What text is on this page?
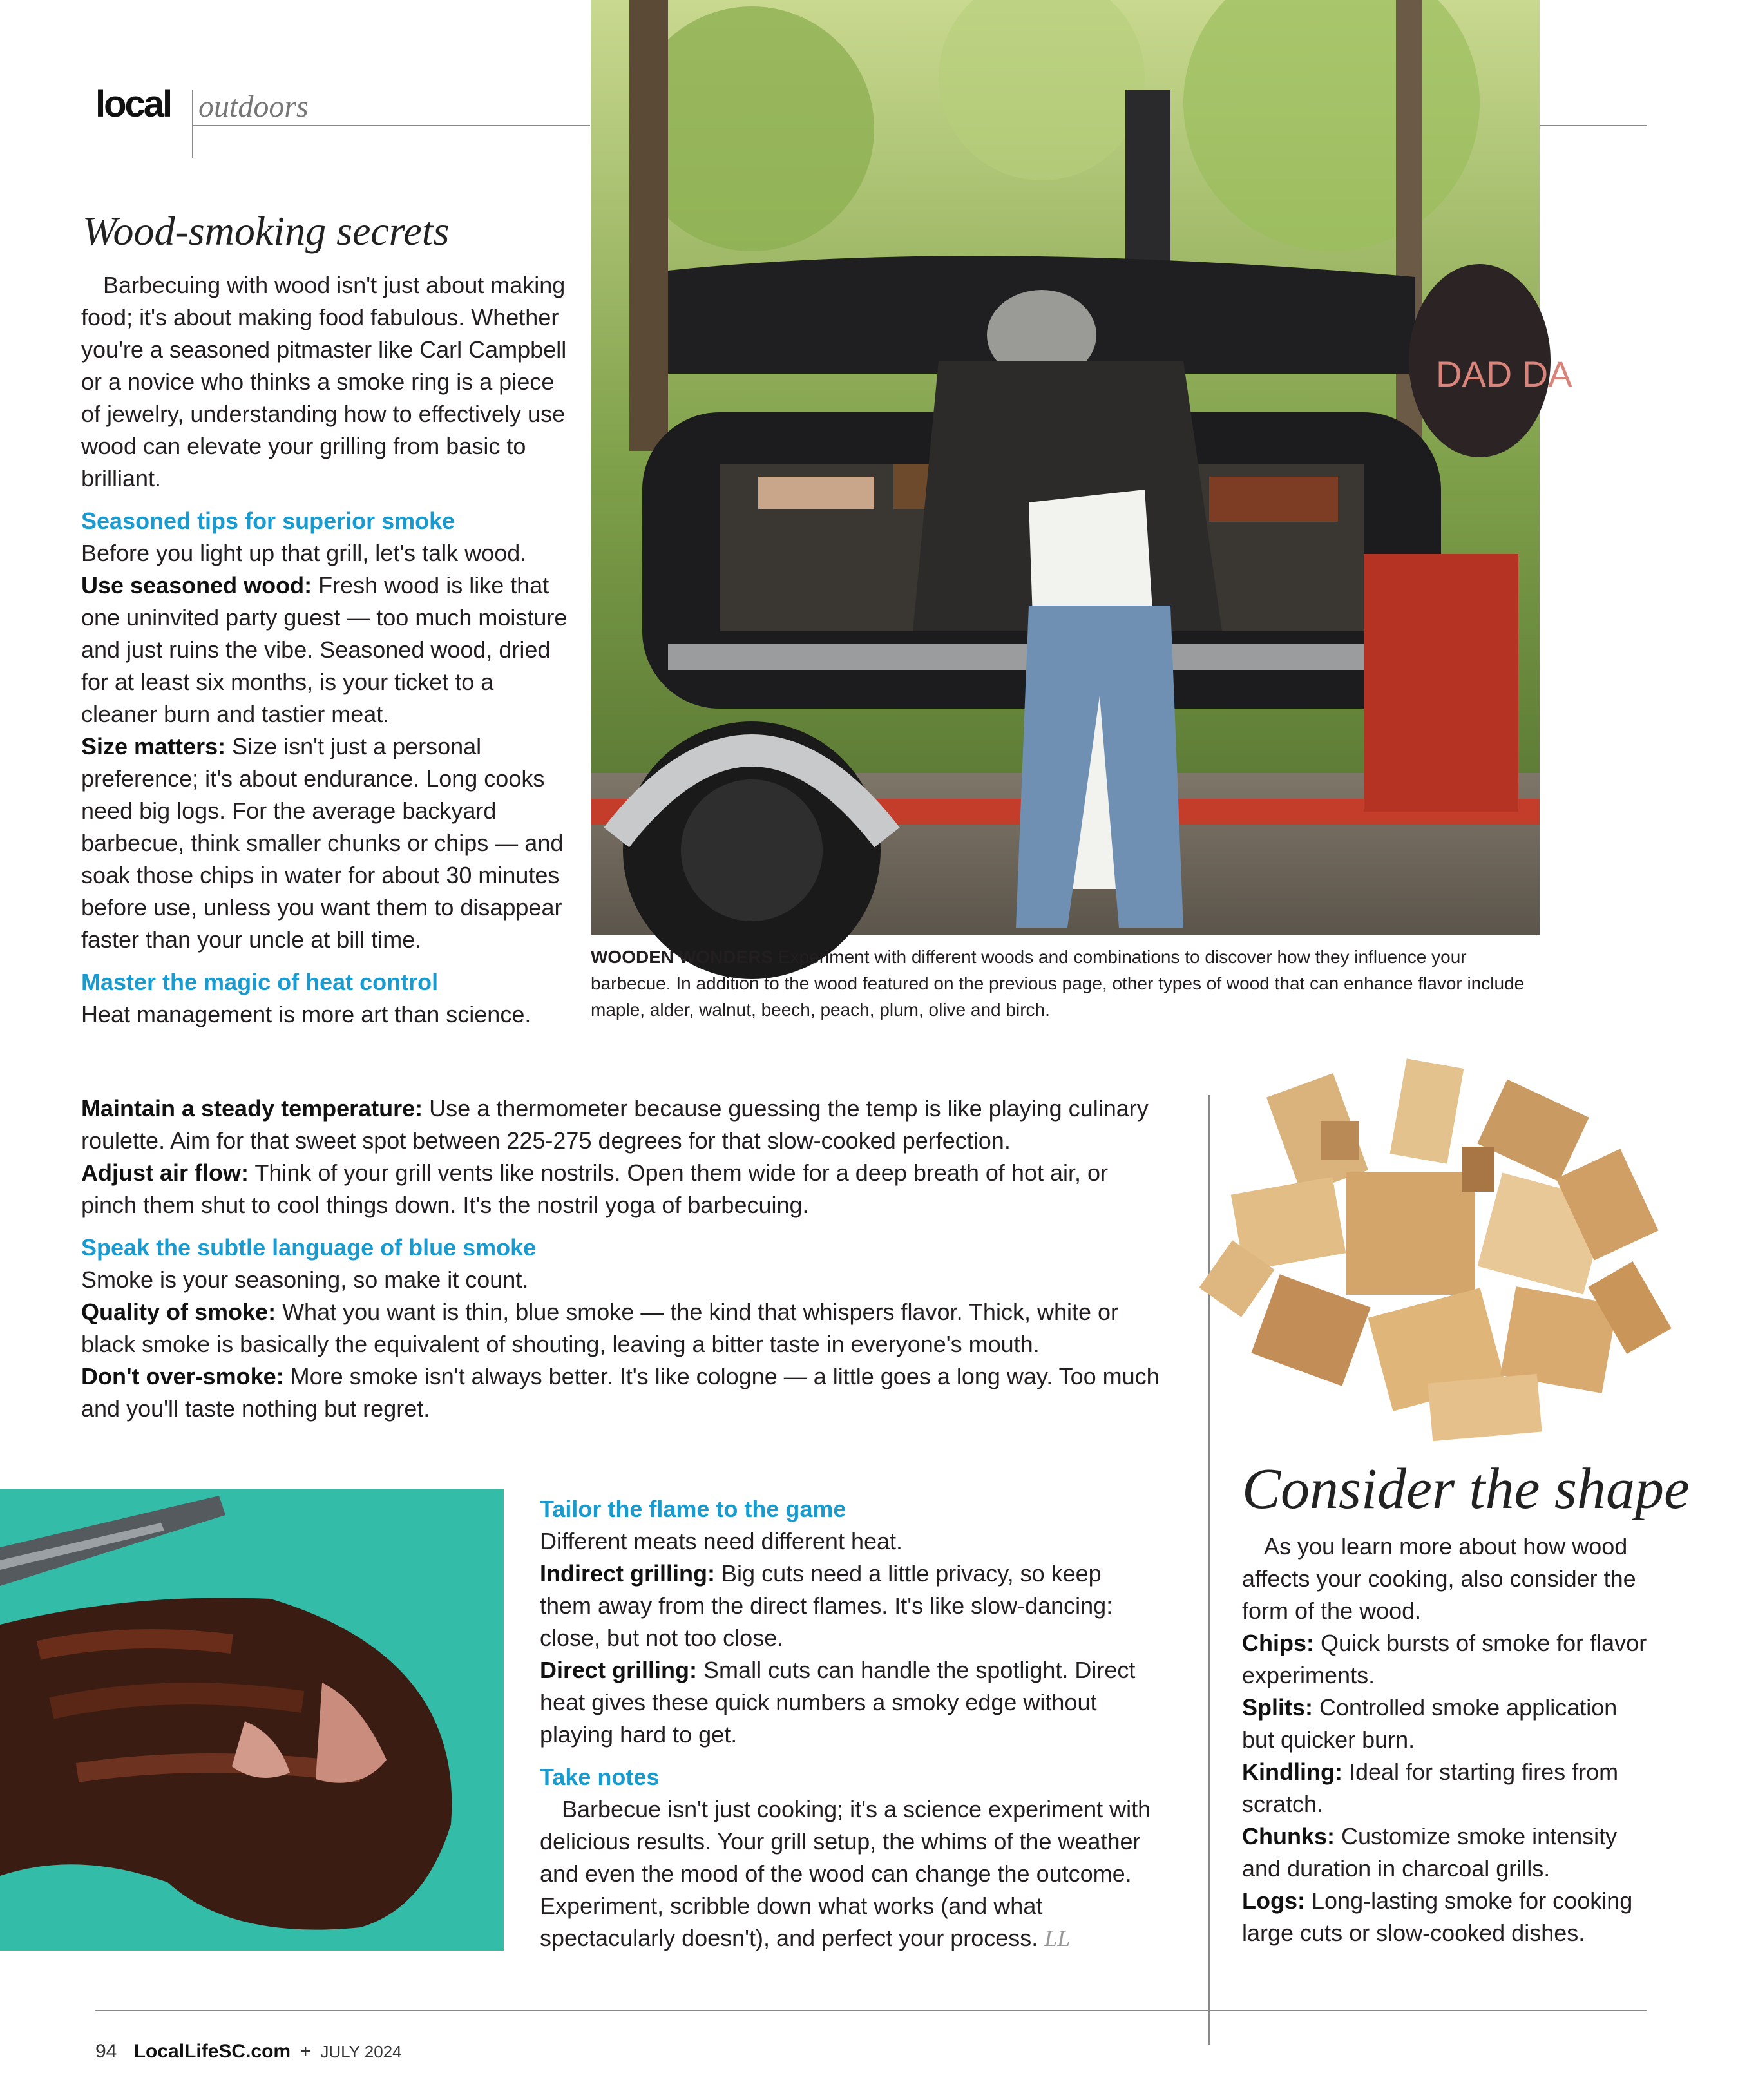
local outdoors
DAD DA
WOODEN WONDERS Experiment with different woods and combinations to discover how they influence your barbecue. In addition to the wood featured on the previous page, other types of wood that can enhance flavor include maple, alder, walnut, beech, peach, plum, olive and birch.
Wood-smoking secrets

Barbecuing with wood isn't just about making food; it's about making food fabulous. Whether you're a seasoned pitmaster like Carl Campbell or a novice who thinks a smoke ring is a piece of jewelry, understanding how to effectively use wood can elevate your grilling from basic to brilliant.

Seasoned tips for superior smoke

Before you light up that grill, let's talk wood.

Use seasoned wood: Fresh wood is like that one uninvited party guest — too much moisture and just ruins the vibe. Seasoned wood, dried for at least six months, is your ticket to a cleaner burn and tastier meat.

Size matters: Size isn't just a personal preference; it's about endurance. Long cooks need big logs. For the average backyard barbecue, think smaller chunks or chips — and soak those chips in water for about 30 minutes before use, unless you want them to disappear faster than your uncle at bill time.

Master the magic of heat control

Heat management is more art than science.

Maintain a steady temperature: Use a thermometer because guessing the temp is like playing culinary roulette. Aim for that sweet spot between 225-275 degrees for that slow-cooked perfection.

Adjust air flow: Think of your grill vents like nostrils. Open them wide for a deep breath of hot air, or pinch them shut to cool things down. It's the nostril yoga of barbecuing.

Speak the subtle language of blue smoke

Smoke is your seasoning, so make it count.

Quality of smoke: What you want is thin, blue smoke — the kind that whispers flavor. Thick, white or black smoke is basically the equivalent of shouting, leaving a bitter taste in everyone's mouth.

Don't over-smoke: More smoke isn't always better. It's like cologne — a little goes a long way. Too much and you'll taste nothing but regret.

Tailor the flame to the game

Different meats need different heat.

Indirect grilling: Big cuts need a little privacy, so keep them away from the direct flames. It's like slow-dancing: close, but not too close.

Direct grilling: Small cuts can handle the spotlight. Direct heat gives these quick numbers a smoky edge without playing hard to get.

Take notes

Barbecue isn't just cooking; it's a science experiment with delicious results. Your grill setup, the whims of the weather and even the mood of the wood can change the outcome. Experiment, scribble down what works (and what spectacularly doesn't), and perfect your process. LL

Consider the shape

As you learn more about how wood affects your cooking, also consider the form of the wood.

Chips: Quick bursts of smoke for flavor experiments.

Splits: Controlled smoke application but quicker burn.

Kindling: Ideal for starting fires from scratch.

Chunks: Customize smoke intensity and duration in charcoal grills.

Logs: Long-lasting smoke for cooking large cuts or slow-cooked dishes.

94 LocalLifeSC.com + JULY 2024
